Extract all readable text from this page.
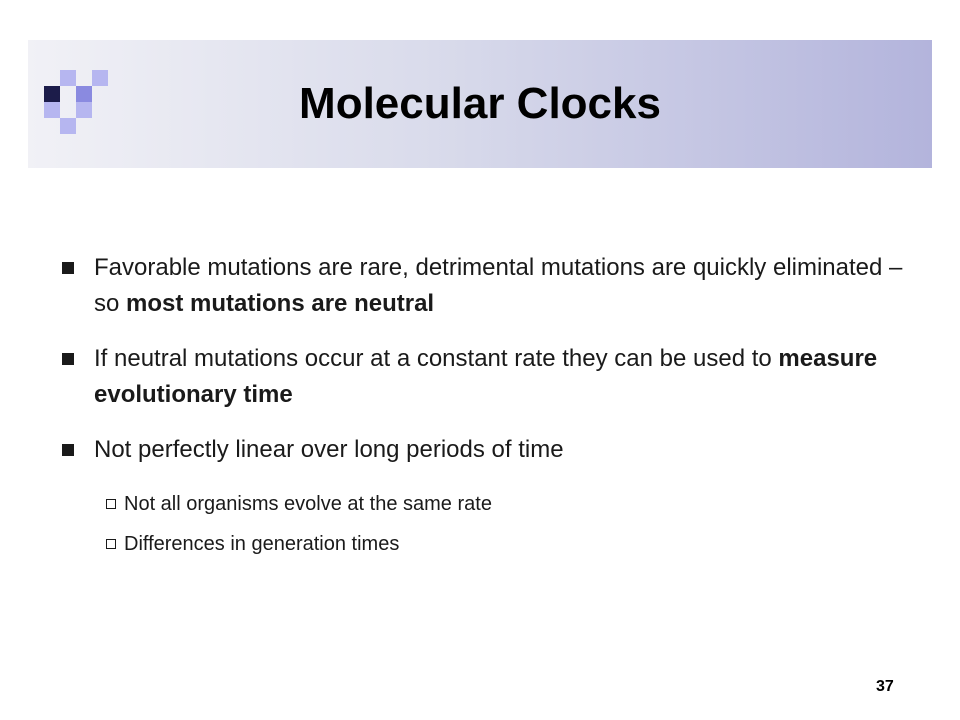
Molecular Clocks
Favorable mutations are rare, detrimental mutations are quickly eliminated – so most mutations are neutral
If neutral mutations occur at a constant rate they can be used to measure evolutionary time
Not perfectly linear over long periods of time
Not all organisms evolve at the same rate
Differences in generation times
37
